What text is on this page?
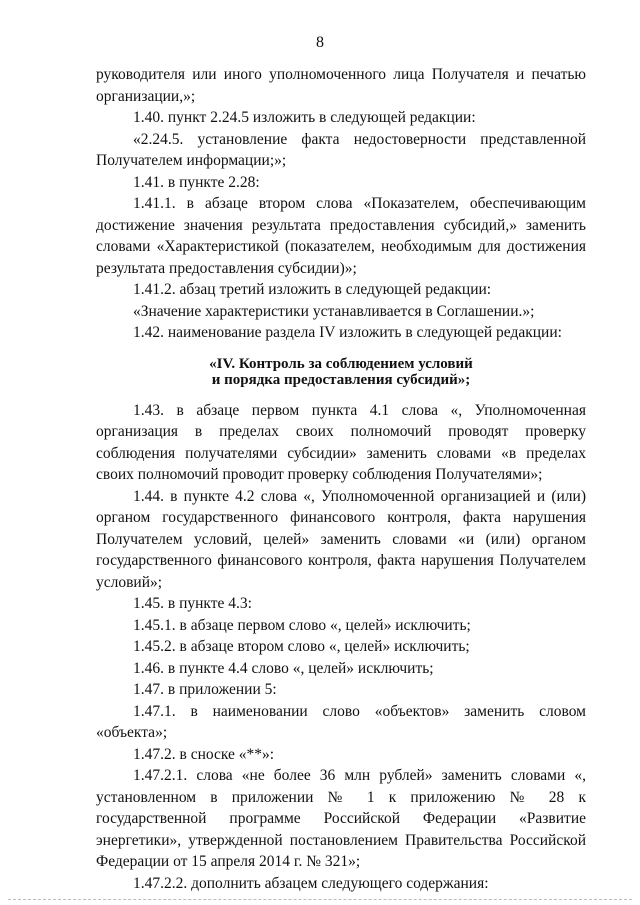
8

руководителя или иного уполномоченного лица Получателя и печатью организации,»;

1.40. пункт 2.24.5 изложить в следующей редакции:

«2.24.5. установление факта недостоверности представленной Получателем информации;»;

1.41. в пункте 2.28:

1.41.1. в абзаце втором слова «Показателем, обеспечивающим достижение значения результата предоставления субсидий,» заменить словами «Характеристикой (показателем, необходимым для достижения результата предоставления субсидии)»;

1.41.2. абзац третий изложить в следующей редакции:

«Значение характеристики устанавливается в Соглашении.»;

1.42. наименование раздела IV изложить в следующей редакции:

«IV. Контроль за соблюдением условий
и порядка предоставления субсидий»;

1.43. в абзаце первом пункта 4.1 слова «, Уполномоченная организация в пределах своих полномочий проводят проверку соблюдения получателями субсидии» заменить словами «в пределах своих полномочий проводит проверку соблюдения Получателями»;

1.44. в пункте 4.2 слова «, Уполномоченной организацией и (или) органом государственного финансового контроля, факта нарушения Получателем условий, целей» заменить словами «и (или) органом государственного финансового контроля, факта нарушения Получателем условий»;

1.45. в пункте 4.3:

1.45.1. в абзаце первом слово «, целей» исключить;

1.45.2. в абзаце втором слово «, целей» исключить;

1.46. в пункте 4.4 слово «, целей» исключить;

1.47. в приложении 5:

1.47.1. в наименовании слово «объектов» заменить словом «объекта»;

1.47.2. в сноске «**»:

1.47.2.1. слова «не более 36 млн рублей» заменить словами «, установленном в приложении № 1 к приложению № 28 к государственной программе Российской Федерации «Развитие энергетики», утвержденной постановлением Правительства Российской Федерации от 15 апреля 2014 г. № 321»;

1.47.2.2. дополнить абзацем следующего содержания:
